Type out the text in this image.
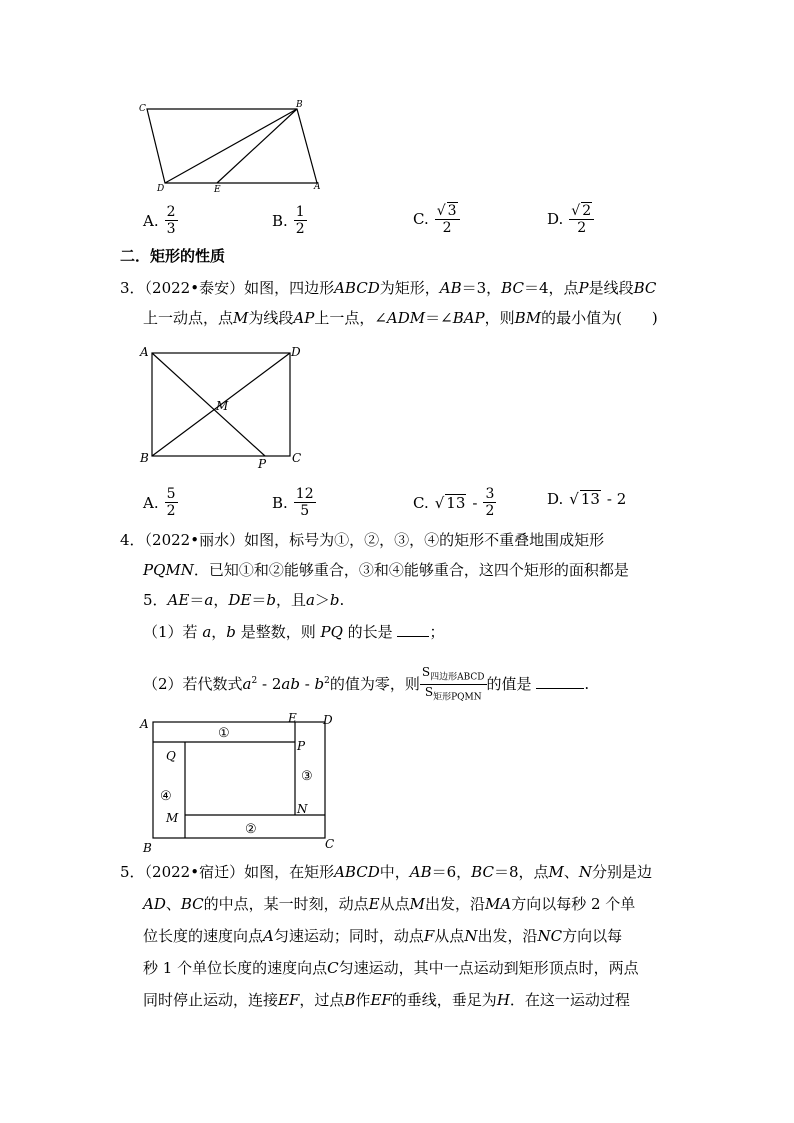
C	B
D	E	A
A. $\frac{2}{3}$	B. $\frac{1}{2}$	C. $\frac{√ 3}{2}$	D. $\frac{√ 2}{2}$
二．矩形的性质
3．（2022•泰安）如图，四边形ABCD为矩形，AB＝3，BC＝4，点P是线段BC
上一动点，点M为线段AP上一点，∠ADM＝∠BAP，则BM的最小值为(　　)
A	D
M
B	P C
A. $\frac{5}{2}$	B. $\frac{12}{5}$	C. √ $13 - \frac{3}{2}$	D. √ 13 - 2
4．（2022•丽水）如图，标号为①，②，③，④的矩形不重叠地围成矩形
PQMN．已知①和②能够重合，③和④能够重合，这四个矩形的面积都是
5．AE＝a，DE＝b，且a＞b.
（1）若 a，b 是整数，则 PQ 的长是 ；
（2）若代数式$a^2 - 2ab - b^2$的值为零，则 $\frac{S_{四边形ABCD}}{S_{矩形PQMN}}$ 的值是	.
A	E D
P
Q
N
M
B	C
①
③
④
②
5．（2022•宿迁）如图，在矩形ABCD中，AB＝6，BC＝8，点M、N分别是边
AD、BC的中点，某一时刻，动点E从点M出发，沿MA方向以每秒 2 个单
位长度的速度向点A匀速运动；同时，动点F从点N出发，沿NC方向以每
秒 1 个单位长度的速度向点C匀速运动，其中一点运动到矩形顶点时，两点
同时停止运动，连接EF，过点B作EF的垂线，垂足为H．在这一运动过程
